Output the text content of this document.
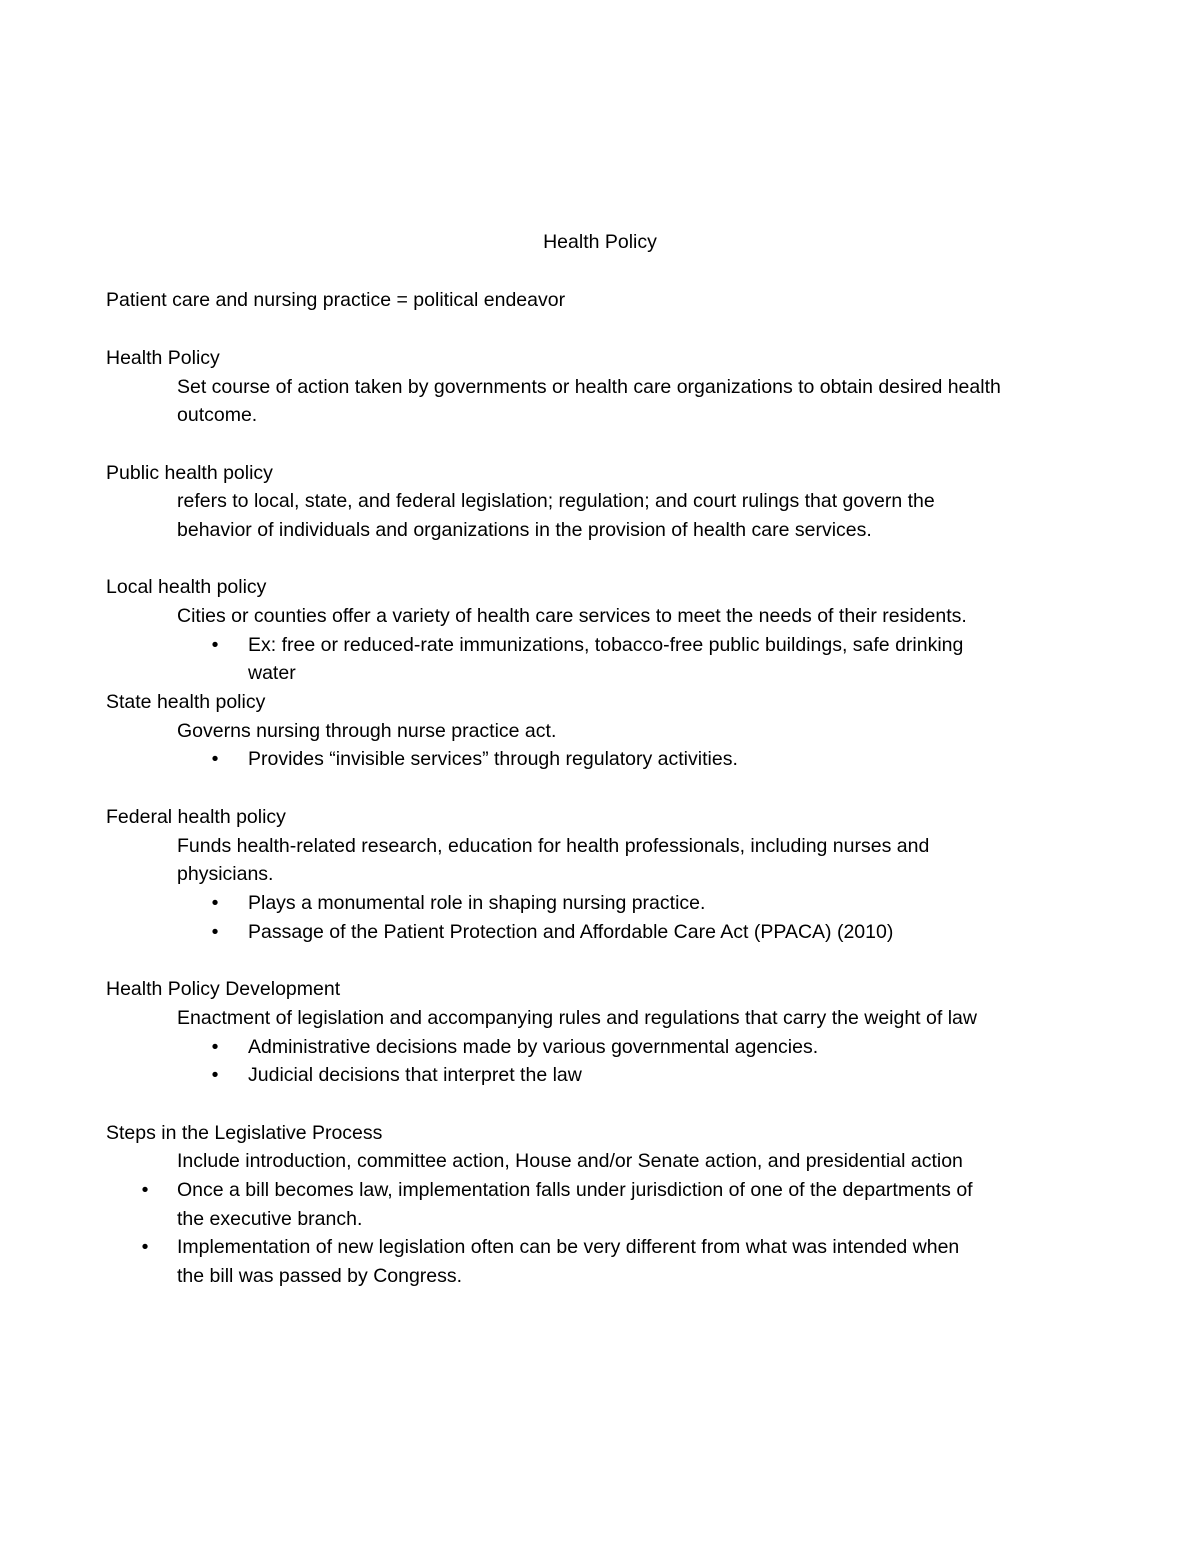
Health Policy
Patient care and nursing practice = political endeavor
Health Policy
Set course of action taken by governments or health care organizations to obtain desired health
outcome.
Public health policy
refers to local, state, and federal legislation; regulation; and court rulings that govern the
behavior of individuals and organizations in the provision of health care services.
Local health policy
Cities or counties offer a variety of health care services to meet the needs of their residents.
• Ex: free or reduced-rate immunizations, tobacco-free public buildings, safe drinking
water
State health policy
Governs nursing through nurse practice act.
• Provides “invisible services” through regulatory activities.
Federal health policy
Funds health-related research, education for health professionals, including nurses and
physicians.
• Plays a monumental role in shaping nursing practice.
• Passage of the Patient Protection and Affordable Care Act (PPACA) (2010)
Health Policy Development
Enactment of legislation and accompanying rules and regulations that carry the weight of law
• Administrative decisions made by various governmental agencies.
• Judicial decisions that interpret the law
Steps in the Legislative Process
Include introduction, committee action, House and/or Senate action, and presidential action
• Once a bill becomes law, implementation falls under jurisdiction of one of the departments of
the executive branch.
• Implementation of new legislation often can be very different from what was intended when
the bill was passed by Congress.
